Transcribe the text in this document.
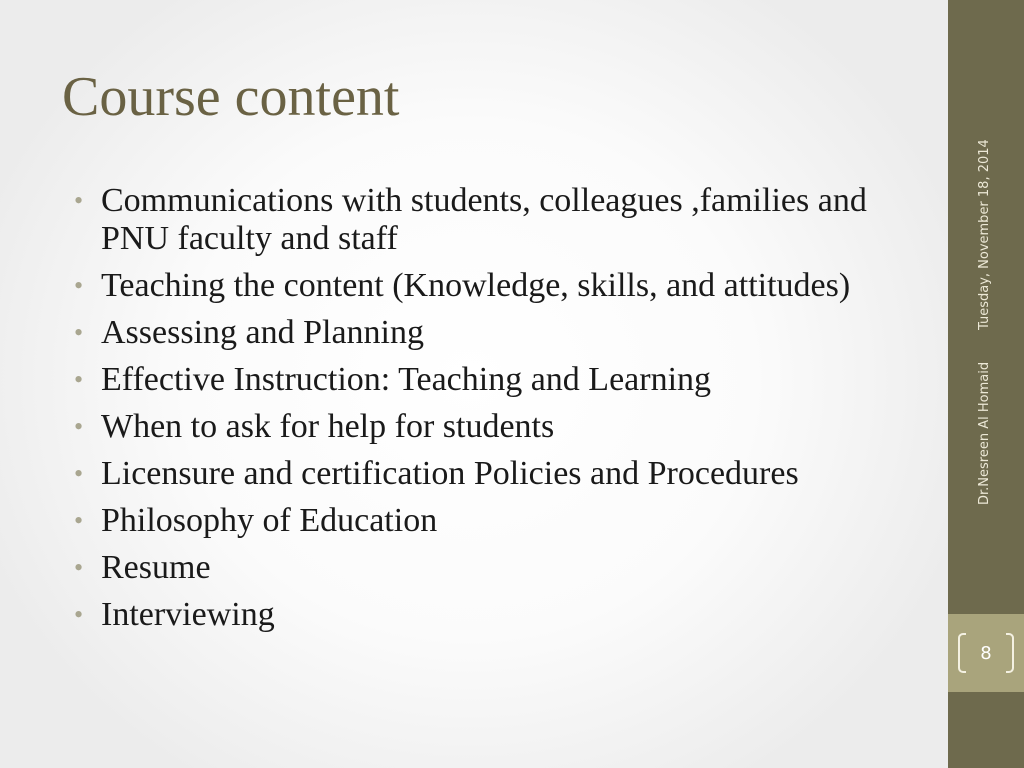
Course content
• Communications with students, colleagues ,families and PNU faculty and staff
• Teaching the content (Knowledge, skills, and attitudes)
• Assessing and Planning
• Effective Instruction: Teaching and Learning
• When to ask for help for students
• Licensure and certification Policies and Procedures
• Philosophy of Education
• Resume
• Interviewing
Tuesday, November 18, 2014
Dr.Nesreen Al Homaid
8
